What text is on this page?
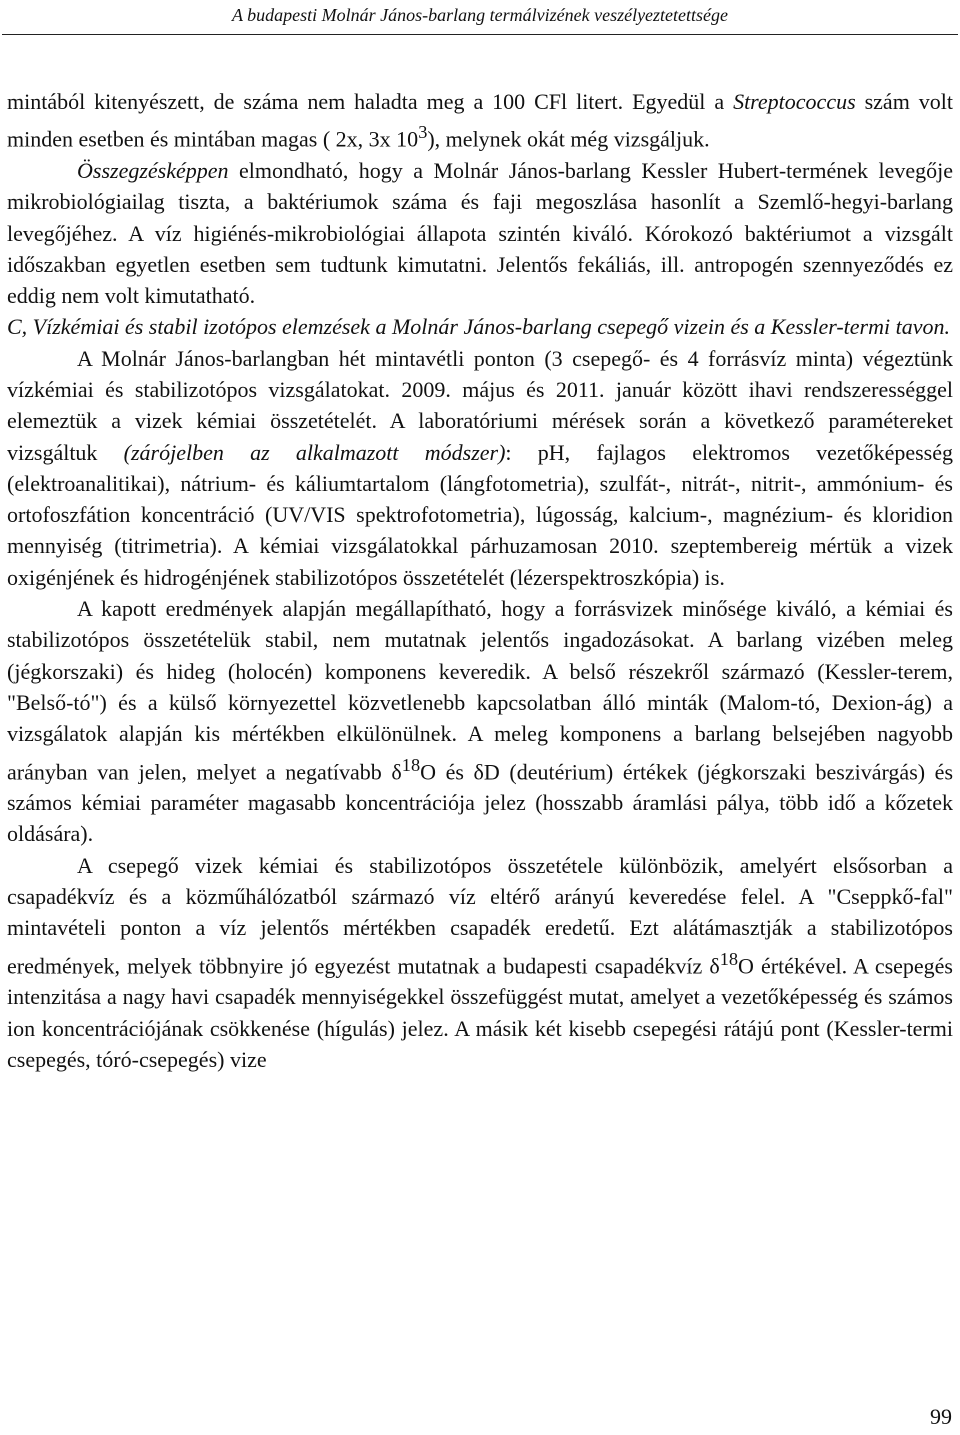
A budapesti Molnár János-barlang termálvizének veszélyeztetettsége

mintából kitenyészett, de száma nem haladta meg a 100 CFl litert. Egyedül a Streptococcus szám volt minden esetben és mintában magas ( 2x, 3x $10^3$), melynek okát még vizsgáljuk.

Összegzésképpen elmondható, hogy a Molnár János-barlang Kessler Hubert-termének levegője mikrobiológiailag tiszta, a baktériumok száma és faji megoszlása hasonlít a Szemlő-hegyi-barlang levegőjéhez. A víz higiénés-mikrobiológiai állapota szintén kiváló. Kórokozó baktériumot a vizsgált időszakban egyetlen esetben sem tudtunk kimutatni. Jelentős fekáliás, ill. antropogén szennyeződés ez eddig nem volt kimutatható.

C, Vízkémiai és stabil izotópos elemzések a Molnár János-barlang csepegő vizein és a Kessler-termi tavon.

A Molnár János-barlangban hét mintavétli ponton (3 csepegő- és 4 forrásvíz minta) végeztünk vízkémiai és stabilizotópos vizsgálatokat. 2009. május és 2011. január között ihavi rendszerességgel elemeztük a vizek kémiai összetételét. A laboratóriumi mérések során a következő paramétereket vizsgáltuk (zárójelben az alkalmazott módszer): pH, fajlagos elektromos vezetőképesség (elektroanalitikai), nátrium- és káliumtartalom (lángfotometria), szulfát-, nitrát-, nitrit-, ammónium- és ortofoszfátion koncentráció (UV/VIS spektrofotometria), lúgosság, kalcium-, magnézium- és kloridion mennyiség (titrimetria). A kémiai vizsgálatokkal párhuzamosan 2010. szeptembereig mértük a vizek oxigénjének és hidrogénjének stabilizotópos összetételét (lézerspektroszkópia) is.

A kapott eredmények alapján megállapítható, hogy a forrásvizek minősége kiváló, a kémiai és stabilizotópos összetételük stabil, nem mutatnak jelentős ingadozásokat. A barlang vizében meleg (jégkorszaki) és hideg (holocén) komponens keveredik. A belső részekről származó (Kessler-terem, "Belső-tó") és a külső környezettel közvetlenebb kapcsolatban álló minták (Malom-tó, Dexion-ág) a vizsgálatok alapján kis mértékben elkülönülnek. A meleg komponens a barlang belsejében nagyobb arányban van jelen, melyet a negatívabb $\delta^{18}O$ és δD (deutérium) értékek (jégkorszaki beszivárgás) és számos kémiai paraméter magasabb koncentrációja jelez (hosszabb áramlási pálya, több idő a kőzetek oldására).

A csepegő vizek kémiai és stabilizotópos összetétele különbözik, amelyért elsősorban a csapadékvíz és a közműhálózatból származó víz eltérő arányú keveredése felel. A "Cseppkő-fal" mintavételi ponton a víz jelentős mértékben csapadék eredetű. Ezt alátámasztják a stabilizotópos eredmények, melyek többnyire jó egyezést mutatnak a budapesti csapadékvíz $\delta^{18}O$ értékével. A csepegés intenzitása a nagy havi csapadék mennyiségekkel összefüggést mutat, amelyet a vezetőképesség és számos ion koncentrációjának csökkenése (hígulás) jelez. A másik két kisebb csepegési rátájú pont (Kessler-termi csepegés, tóró-csepegés) vize

99
